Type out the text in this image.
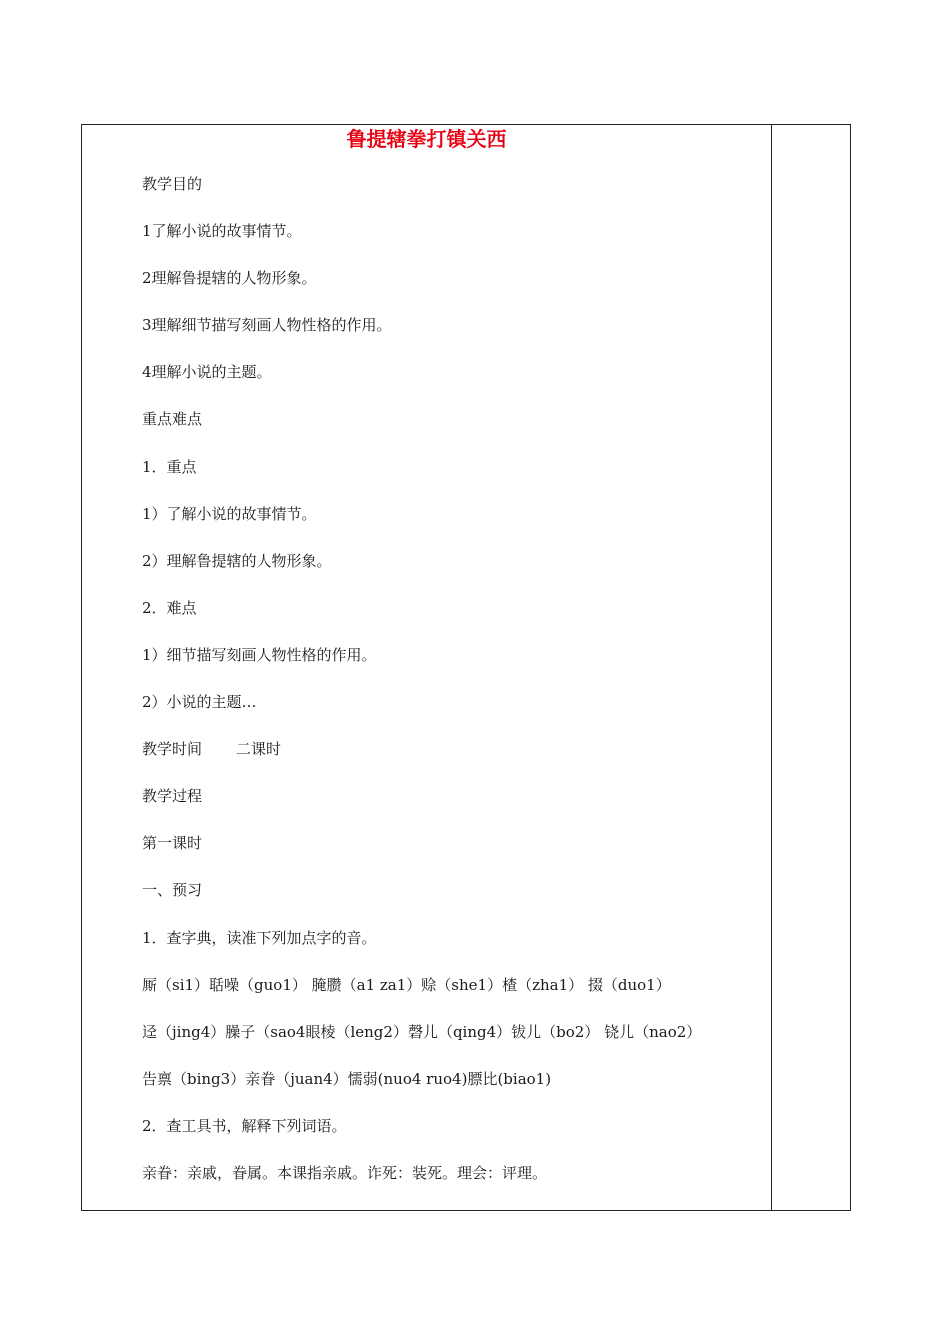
鲁提辖拳打镇关西
教学目的
1了解小说的故事情节。
2理解鲁提辖的人物形象。
3理解细节描写刻画人物性格的作用。
4理解小说的主题。
重点难点
1．重点
1）了解小说的故事情节。
2）理解鲁提辖的人物形象。
2．难点
1）细节描写刻画人物性格的作用。
2）小说的主题…
教学时间 二课时
教学过程
第一课时
一、预习
1．查字典，读准下列加点字的音。
厮（si1）聒噪（guo1） 腌臜（a1 za1）赊（she1）楂（zha1） 掇（duo1）
迳（jing4）臊子（sao4眼棱（leng2）磬儿（qing4）钹儿（bo2） 铙儿（nao2）
告禀（bing3）亲眷（juan4）懦弱(nuo4 ruo4)膘比(biao1)
2．查工具书，解释下列词语。
亲眷：亲戚，眷属。本课指亲戚。诈死：装死。理会：评理。
